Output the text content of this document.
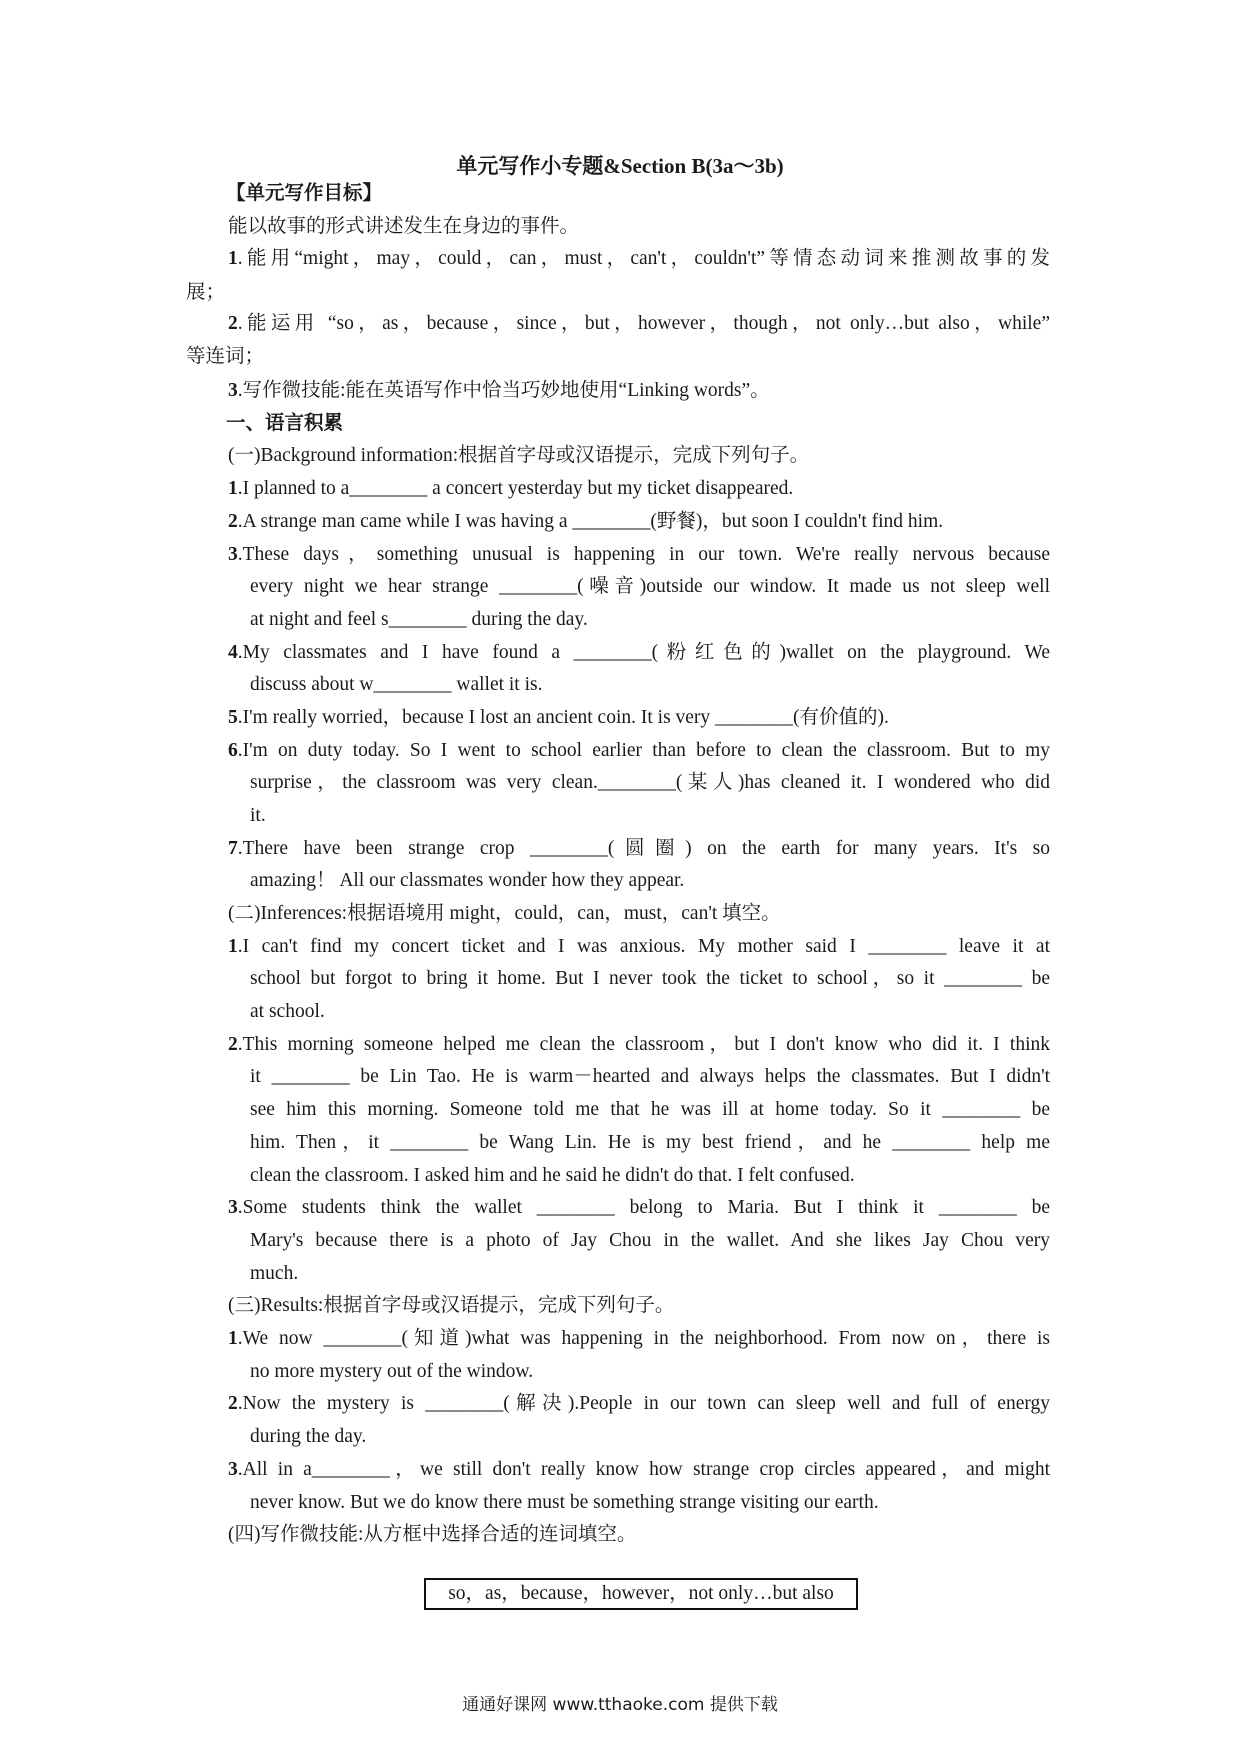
单元写作小专题&Section B(3a～3b)
【单元写作目标】
能以故事的形式讲述发生在身边的事件。
1.能用“might，may，could，can，must，can't，couldn't”等情态动词来推测故事的发
展；
2.能运用 “so，as，because，since，but，however，though，not only…but also，while”
等连词；
3.写作微技能:能在英语写作中恰当巧妙地使用“Linking words”。
一、语言积累
(一)Background information:根据首字母或汉语提示，完成下列句子。
1.I planned to a________ a concert yesterday but my ticket disappeared.
2.A strange man came while I was having a ________(野餐)，but soon I couldn't find him.
3.These days，something unusual is happening in our town. We're really nervous because
every night we hear strange ________(噪音)outside our window. It made us not sleep well
at night and feel s________ during the day.
4.My classmates and I have found a ________(粉红色的)wallet on the playground. We
discuss about w________ wallet it is.
5.I'm really worried，because I lost an ancient coin. It is very ________(有价值的).
6.I'm on duty today. So I went to school earlier than before to clean the classroom. But to my
surprise，the classroom was very clean.________(某人)has cleaned it. I wondered who did
it.
7.There have been strange crop ________(圆圈) on the earth for many years. It's so
amazing！ All our classmates wonder how they appear.
(二)Inferences:根据语境用 might，could，can，must，can't 填空。
1.I can't find my concert ticket and I was anxious. My mother said I ________ leave it at
school but forgot to bring it home. But I never took the ticket to school，so it ________ be
at school.
2.This morning someone helped me clean the classroom，but I don't know who did it. I think
it ________ be Lin Tao. He is warm－hearted and always helps the classmates. But I didn't
see him this morning. Someone told me that he was ill at home today. So it ________ be
him. Then，it ________ be Wang Lin. He is my best friend，and he ________ help me
clean the classroom. I asked him and he said he didn't do that. I felt confused.
3.Some students think the wallet ________ belong to Maria. But I think it ________ be
Mary's because there is a photo of Jay Chou in the wallet. And she likes Jay Chou very
much.
(三)Results:根据首字母或汉语提示，完成下列句子。
1.We now ________(知道)what was happening in the neighborhood. From now on，there is
no more mystery out of the window.
2.Now the mystery is ________(解决).People in our town can sleep well and full of energy
during the day.
3.All in a________，we still don't really know how strange crop circles appeared，and might
never know. But we do know there must be something strange visiting our earth.
(四)写作微技能:从方框中选择合适的连词填空。
so，as，because，however，not only…but also
通通好课网 www.tthaoke.com 提供下载
